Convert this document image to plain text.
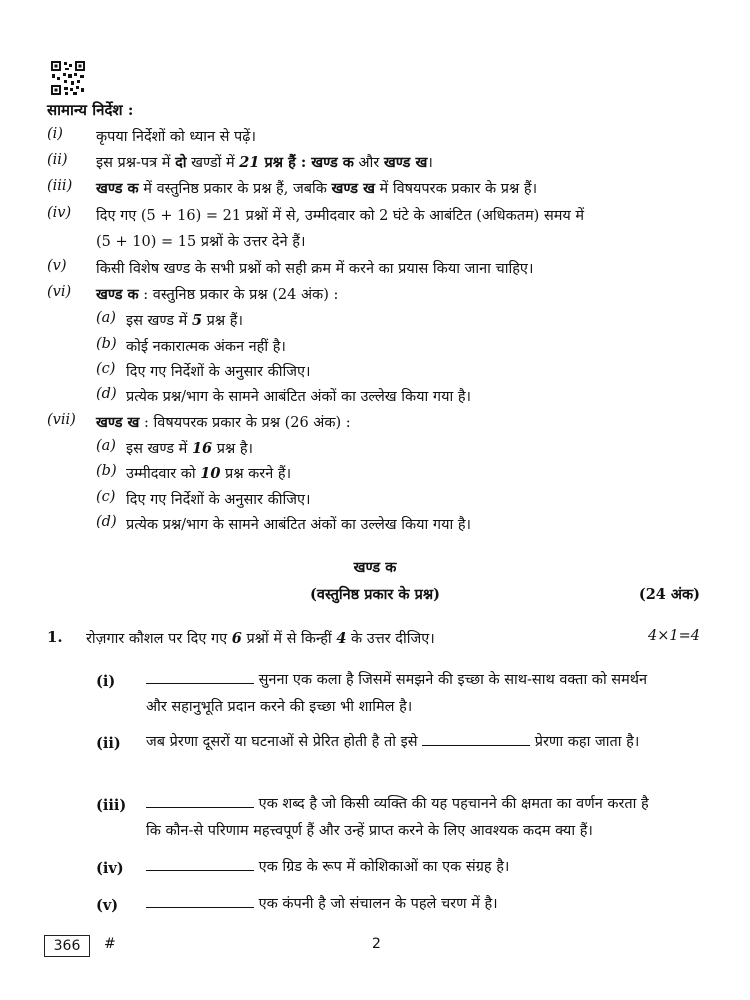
सामान्य निर्देश :
(i) कृपया निर्देशों को ध्यान से पढ़ें।
(ii) इस प्रश्न-पत्र में दो खण्डों में 21 प्रश्न हैं : खण्ड क और खण्ड ख।
(iii) खण्ड क में वस्तुनिष्ठ प्रकार के प्रश्न हैं, जबकि खण्ड ख में विषयपरक प्रकार के प्रश्न हैं।
(iv) दिए गए (5 + 16) = 21 प्रश्नों में से, उम्मीदवार को 2 घंटे के आबंटित (अधिकतम) समय में
(5 + 10) = 15 प्रश्नों के उत्तर देने हैं।
(v) किसी विशेष खण्ड के सभी प्रश्नों को सही क्रम में करने का प्रयास किया जाना चाहिए।
(vi) खण्ड क : वस्तुनिष्ठ प्रकार के प्रश्न (24 अंक) :
(a) इस खण्ड में 5 प्रश्न हैं।
(b) कोई नकारात्मक अंकन नहीं है।
(c) दिए गए निर्देशों के अनुसार कीजिए।
(d) प्रत्येक प्रश्न/भाग के सामने आबंटित अंकों का उल्लेख किया गया है।
(vii) खण्ड ख : विषयपरक प्रकार के प्रश्न (26 अंक) :
(a) इस खण्ड में 16 प्रश्न है।
(b) उम्मीदवार को 10 प्रश्न करने हैं।
(c) दिए गए निर्देशों के अनुसार कीजिए।
(d) प्रत्येक प्रश्न/भाग के सामने आबंटित अंकों का उल्लेख किया गया है।
खण्ड क
(वस्तुनिष्ठ प्रकार के प्रश्न)	(24 अंक)
1. रोज़गार कौशल पर दिए गए 6 प्रश्नों में से किन्हीं 4 के उत्तर दीजिए।	4×1=4
(i)	सुनना एक कला है जिसमें समझने की इच्छा के साथ-साथ वक्ता को समर्थन और सहानुभूति प्रदान करने की इच्छा भी शामिल है।
(ii) जब प्रेरणा दूसरों या घटनाओं से प्रेरित होती है तो इसे	प्रेरणा कहा जाता है।
(iii)	एक शब्द है जो किसी व्यक्ति की यह पहचानने की क्षमता का वर्णन करता है कि कौन-से परिणाम महत्त्वपूर्ण हैं और उन्हें प्राप्त करने के लिए आवश्यक कदम क्या हैं।
(iv)	एक ग्रिड के रूप में कोशिकाओं का एक संग्रह है।
(v)	एक कंपनी है जो संचालन के पहले चरण में है।
366	#	2
